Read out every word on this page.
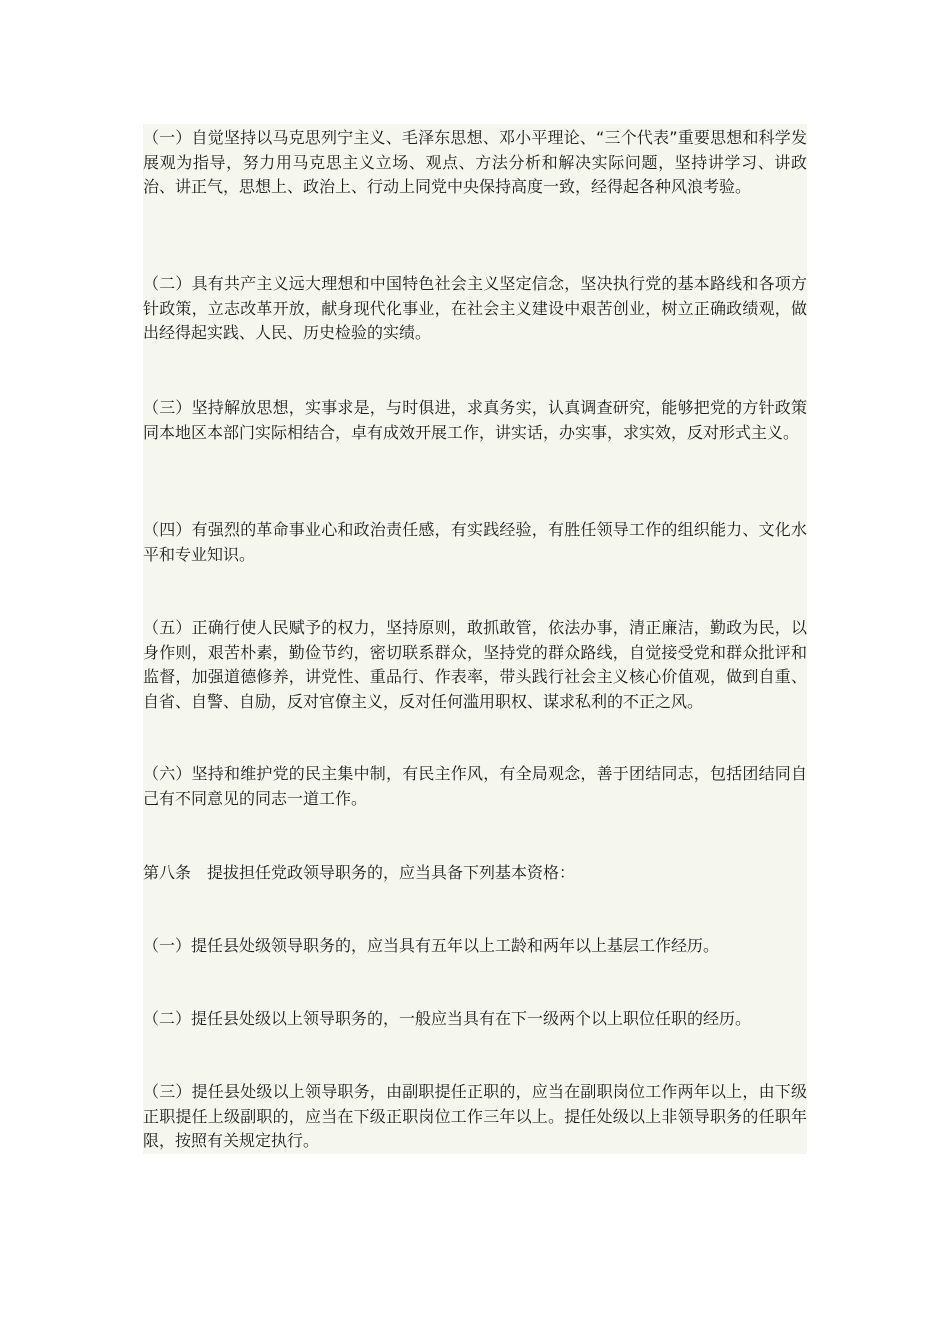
（一）自觉坚持以马克思列宁主义、毛泽东思想、邓小平理论、“三个代表”重要思想和科学发展观为指导，努力用马克思主义立场、观点、方法分析和解决实际问题，坚持讲学习、讲政治、讲正气，思想上、政治上、行动上同党中央保持高度一致，经得起各种风浪考验。

（二）具有共产主义远大理想和中国特色社会主义坚定信念，坚决执行党的基本路线和各项方针政策，立志改革开放，献身现代化事业，在社会主义建设中艰苦创业，树立正确政绩观，做出经得起实践、人民、历史检验的实绩。

（三）坚持解放思想，实事求是，与时俱进，求真务实，认真调查研究，能够把党的方针政策同本地区本部门实际相结合，卓有成效开展工作，讲实话，办实事，求实效，反对形式主义。

（四）有强烈的革命事业心和政治责任感，有实践经验，有胜任领导工作的组织能力、文化水平和专业知识。

（五）正确行使人民赋予的权力，坚持原则，敢抓敢管，依法办事，清正廉洁，勤政为民，以身作则，艰苦朴素，勤俭节约，密切联系群众，坚持党的群众路线，自觉接受党和群众批评和监督，加强道德修养，讲党性、重品行、作表率，带头践行社会主义核心价值观，做到自重、自省、自警、自励，反对官僚主义，反对任何滥用职权、谋求私利的不正之风。

（六）坚持和维护党的民主集中制，有民主作风，有全局观念，善于团结同志，包括团结同自己有不同意见的同志一道工作。

第八条　提拔担任党政领导职务的，应当具备下列基本资格：

（一）提任县处级领导职务的，应当具有五年以上工龄和两年以上基层工作经历。

（二）提任县处级以上领导职务的，一般应当具有在下一级两个以上职位任职的经历。

（三）提任县处级以上领导职务，由副职提任正职的，应当在副职岗位工作两年以上，由下级正职提任上级副职的，应当在下级正职岗位工作三年以上。提任处级以上非领导职务的任职年限，按照有关规定执行。
